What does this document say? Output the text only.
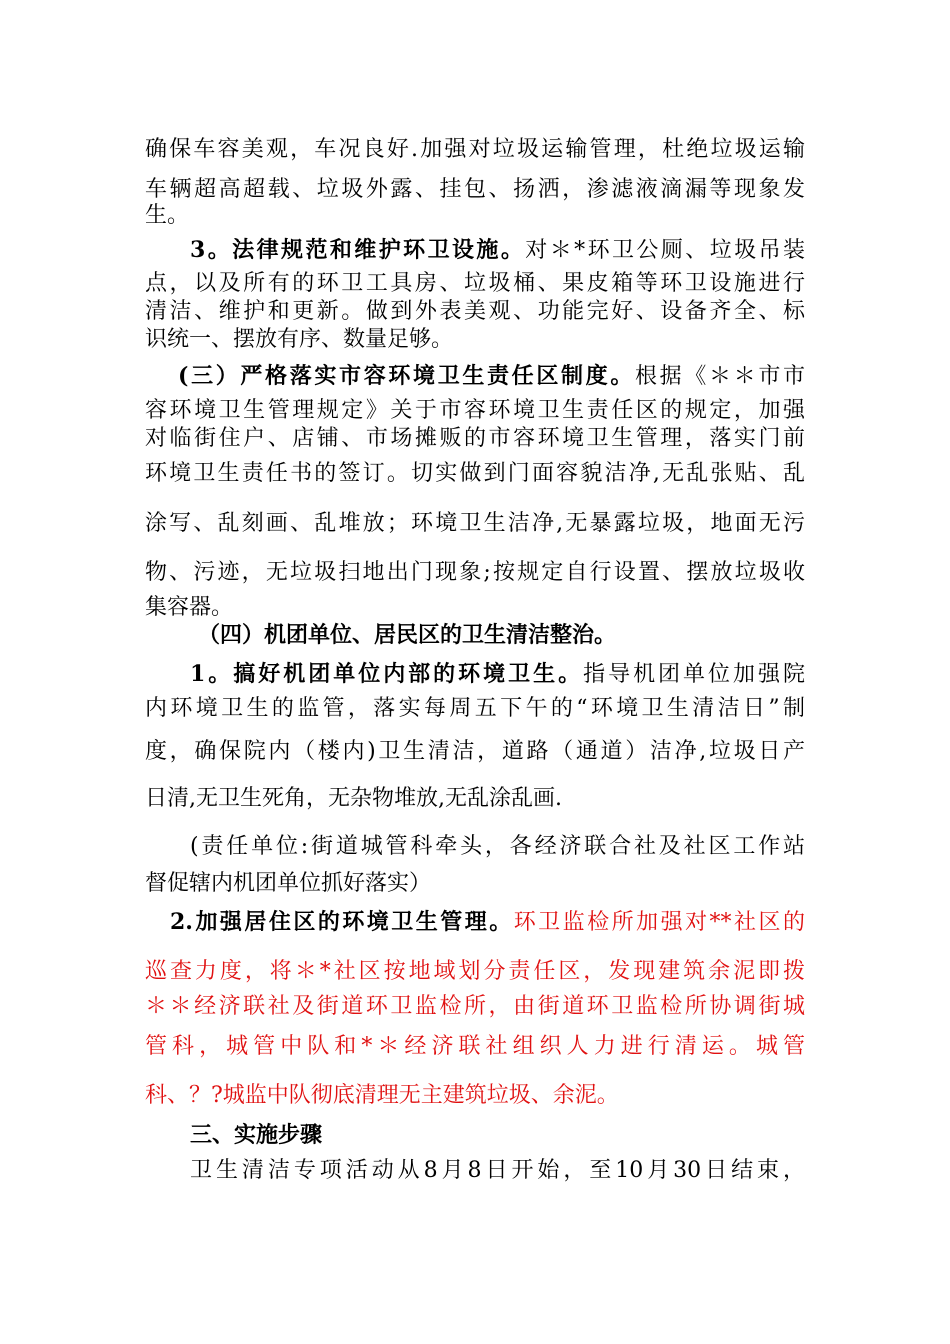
确保车容美观，车况良好.加强对垃圾运输管理，杜绝垃圾运输
车辆超高超载、垃圾外露、挂包、扬洒，渗滤液滴漏等现象发
生。
3。法律规范和维护环卫设施。对＊*环卫公厕、垃圾吊装
点，以及所有的环卫工具房、垃圾桶、果皮箱等环卫设施进行
清洁、维护和更新。做到外表美观、功能完好、设备齐全、标
识统一、摆放有序、数量足够。
(三）严格落实市容环境卫生责任区制度。根据《＊＊市市
容环境卫生管理规定》关于市容环境卫生责任区的规定，加强
对临街住户、店铺、市场摊贩的市容环境卫生管理，落实门前
环境卫生责任书的签订。切实做到门面容貌洁净,无乱张贴、乱
涂写、乱刻画、乱堆放；环境卫生洁净,无暴露垃圾，地面无污
物、污迹，无垃圾扫地出门现象;按规定自行设置、摆放垃圾收
集容器。
（四）机团单位、居民区的卫生清洁整治。
1。搞好机团单位内部的环境卫生。指导机团单位加强院
内环境卫生的监管，落实每周五下午的“环境卫生清洁日”制
度，确保院内（楼内)卫生清洁，道路（通道）洁净,垃圾日产
日清,无卫生死角，无杂物堆放,无乱涂乱画.
(责任单位:街道城管科牵头，各经济联合社及社区工作站
督促辖内机团单位抓好落实）
2.加强居住区的环境卫生管理。环卫监检所加强对**社区的
巡查力度，将＊*社区按地域划分责任区，发现建筑余泥即拨
＊＊经济联社及街道环卫监检所，由街道环卫监检所协调街城
管科，城管中队和*＊经济联社组织人力进行清运。城管
科、？?城监中队彻底清理无主建筑垃圾、余泥。
三、实施步骤
卫生清洁专项活动从8月8日开始，至10月30日结束，
